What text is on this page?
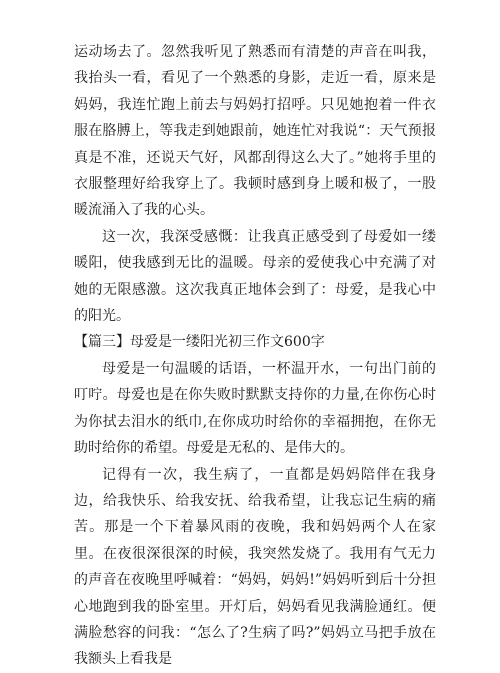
运动场去了。忽然我听见了熟悉而有清楚的声音在叫我，我抬头一看，看见了一个熟悉的身影，走近一看，原来是妈妈，我连忙跑上前去与妈妈打招呼。只见她抱着一件衣服在胳膊上，等我走到她跟前，她连忙对我说“：天气预报真是不准，还说天气好，风都刮得这么大了。”她将手里的衣服整理好给我穿上了。我顿时感到身上暖和极了，一股暖流涌入了我的心头。

这一次，我深受感慨：让我真正感受到了母爱如一缕暖阳，使我感到无比的温暖。母亲的爱使我心中充满了对她的无限感激。这次我真正地体会到了：母爱，是我心中的阳光。

【篇三】母爱是一缕阳光初三作文600字

母爱是一句温暖的话语，一杯温开水，一句出门前的叮咛。母爱也是在你失败时默默支持你的力量,在你伤心时为你拭去泪水的纸巾,在你成功时给你的幸福拥抱，在你无助时给你的希望。母爱是无私的、是伟大的。

记得有一次，我生病了，一直都是妈妈陪伴在我身边，给我快乐、给我安抚、给我希望，让我忘记生病的痛苦。那是一个下着暴风雨的夜晚，我和妈妈两个人在家里。在夜很深很深的时候，我突然发烧了。我用有气无力的声音在夜晚里呼喊着：“妈妈，妈妈!”妈妈听到后十分担心地跑到我的卧室里。开灯后，妈妈看见我满脸通红。便满脸愁容的问我：“怎么了?生病了吗?”妈妈立马把手放在我额头上看我是
